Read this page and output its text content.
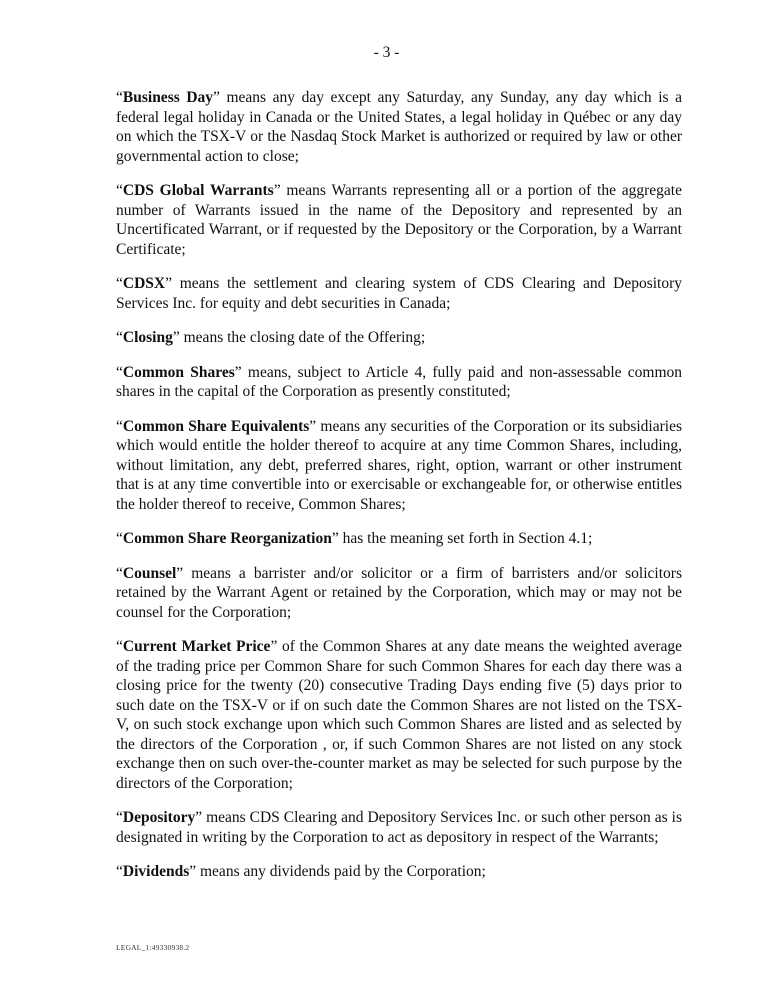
- 3 -

“Business Day” means any day except any Saturday, any Sunday, any day which is a federal legal holiday in Canada or the United States, a legal holiday in Québec or any day on which the TSX-V or the Nasdaq Stock Market is authorized or required by law or other governmental action to close;

“CDS Global Warrants” means Warrants representing all or a portion of the aggregate number of Warrants issued in the name of the Depository and represented by an Uncertificated Warrant, or if requested by the Depository or the Corporation, by a Warrant Certificate;

“CDSX” means the settlement and clearing system of CDS Clearing and Depository Services Inc. for equity and debt securities in Canada;

“Closing” means the closing date of the Offering;

“Common Shares” means, subject to Article 4, fully paid and non-assessable common shares in the capital of the Corporation as presently constituted;

“Common Share Equivalents” means any securities of the Corporation or its subsidiaries which would entitle the holder thereof to acquire at any time Common Shares, including, without limitation, any debt, preferred shares, right, option, warrant or other instrument that is at any time convertible into or exercisable or exchangeable for, or otherwise entitles the holder thereof to receive, Common Shares;

“Common Share Reorganization” has the meaning set forth in Section 4.1;

“Counsel” means a barrister and/or solicitor or a firm of barristers and/or solicitors retained by the Warrant Agent or retained by the Corporation, which may or may not be counsel for the Corporation;

“Current Market Price” of the Common Shares at any date means the weighted average of the trading price per Common Share for such Common Shares for each day there was a closing price for the twenty (20) consecutive Trading Days ending five (5) days prior to such date on the TSX-V or if on such date the Common Shares are not listed on the TSX-V, on such stock exchange upon which such Common Shares are listed and as selected by the directors of the Corporation , or, if such Common Shares are not listed on any stock exchange then on such over-the-counter market as may be selected for such purpose by the directors of the Corporation;

“Depository” means CDS Clearing and Depository Services Inc. or such other person as is designated in writing by the Corporation to act as depository in respect of the Warrants;

“Dividends” means any dividends paid by the Corporation;

LEGAL_1:49330938.2
